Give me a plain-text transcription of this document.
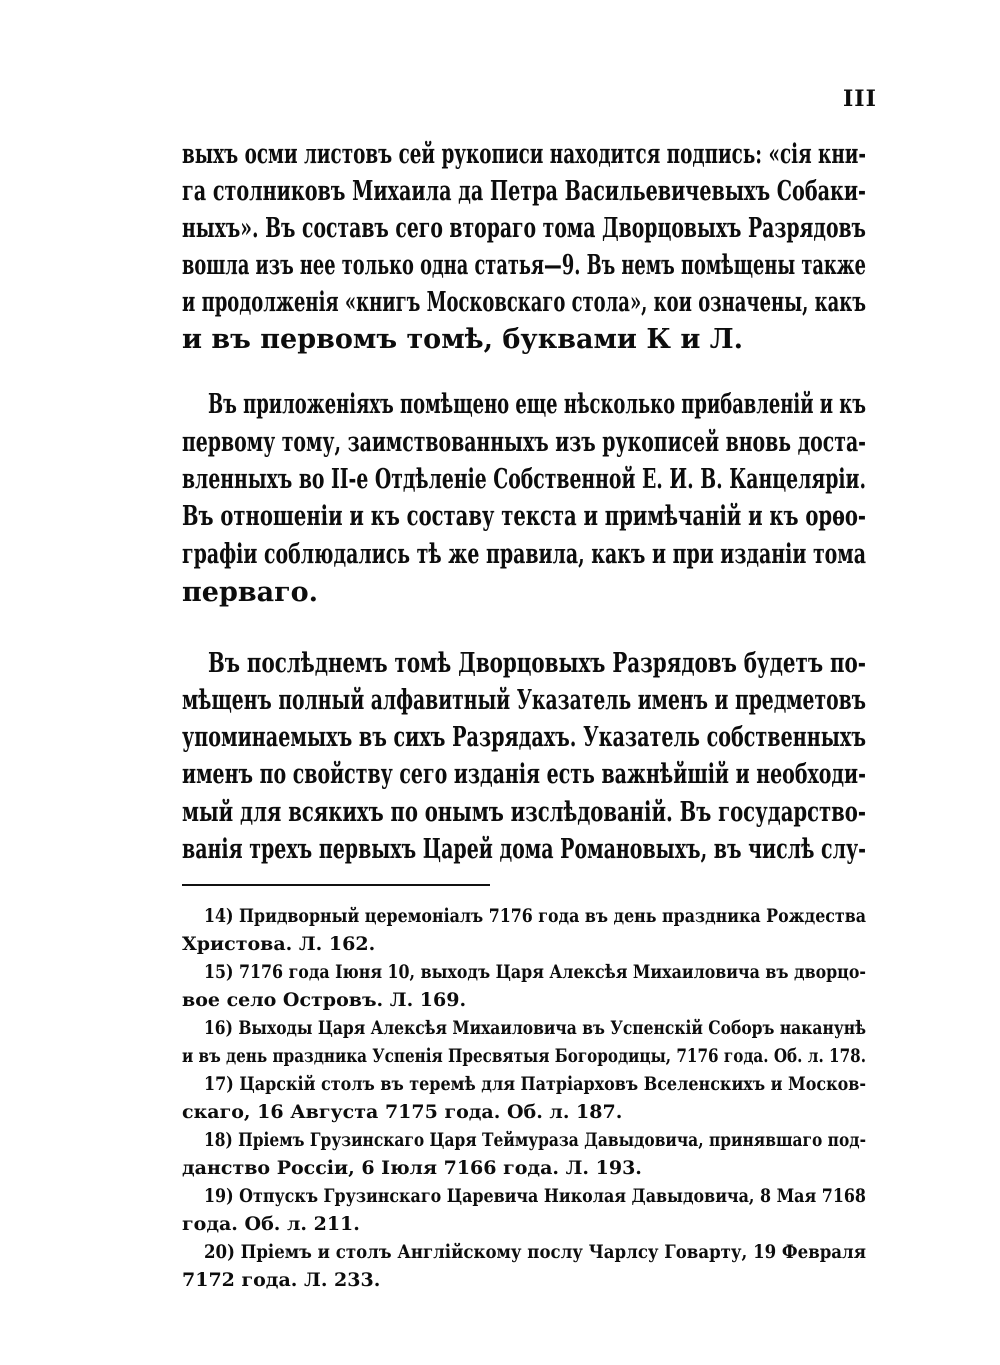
III
выхъ осми листовъ сей рукописи находится подпись: «сія кни-
га столниковъ Михаила да Петра Васильевичевыхъ Собаки-
ныхъ». Въ составъ сего втораго тома Дворцовыхъ Разрядовъ
вошла изъ нее только одна статья—9. Въ немъ помѣщены также
и продолженія «книгъ Московскаго стола», кои означены, какъ
и въ первомъ томѣ, буквами К и Л.
Въ приложеніяхъ помѣщено еще нѣсколько прибавленій и къ
первому тому, заимствованныхъ изъ рукописей вновь доста-
вленныхъ во II-е Отдѣленіе Собственной Е. И. В. Канцеляріи.
Въ отношеніи и къ составу текста и примѣчаній и къ орѳо-
графіи соблюдались тѣ же правила, какъ и при изданіи тома
перваго.
Въ послѣднемъ томѣ Дворцовыхъ Разрядовъ будетъ по-
мѣщенъ полный алфавитный Указатель именъ и предметовъ
упоминаемыхъ въ сихъ Разрядахъ. Указатель собственныхъ
именъ по свойству сего изданія есть важнѣйшій и необходи-
мый для всякихъ по онымъ изслѣдованій. Въ государство-
ванія трехъ первыхъ Царей дома Романовыхъ, въ числѣ слу-
14) Придворный церемоніалъ 7176 года въ день праздника Рождества
Христова. Л. 162.
15) 7176 года Іюня 10, выходъ Царя Алексѣя Михаиловича въ дворцо-
вое село Островъ. Л. 169.
16) Выходы Царя Алексѣя Михаиловича въ Успенскій Соборъ наканунѣ
и въ день праздника Успенія Пресвятыя Богородицы, 7176 года. Об. л. 178.
17) Царскій столъ въ теремѣ для Патріарховъ Вселенскихъ и Москов-
скаго, 16 Августа 7175 года. Об. л. 187.
18) Пріемъ Грузинскаго Царя Теймураза Давыдовича, принявшаго под-
данство Россіи, 6 Іюля 7166 года. Л. 193.
19) Отпускъ Грузинскаго Царевича Николая Давыдовича, 8 Мая 7168
года. Об. л. 211.
20) Пріемъ и столъ Англійскому послу Чарлсу Говарту, 19 Февраля
7172 года. Л. 233.
